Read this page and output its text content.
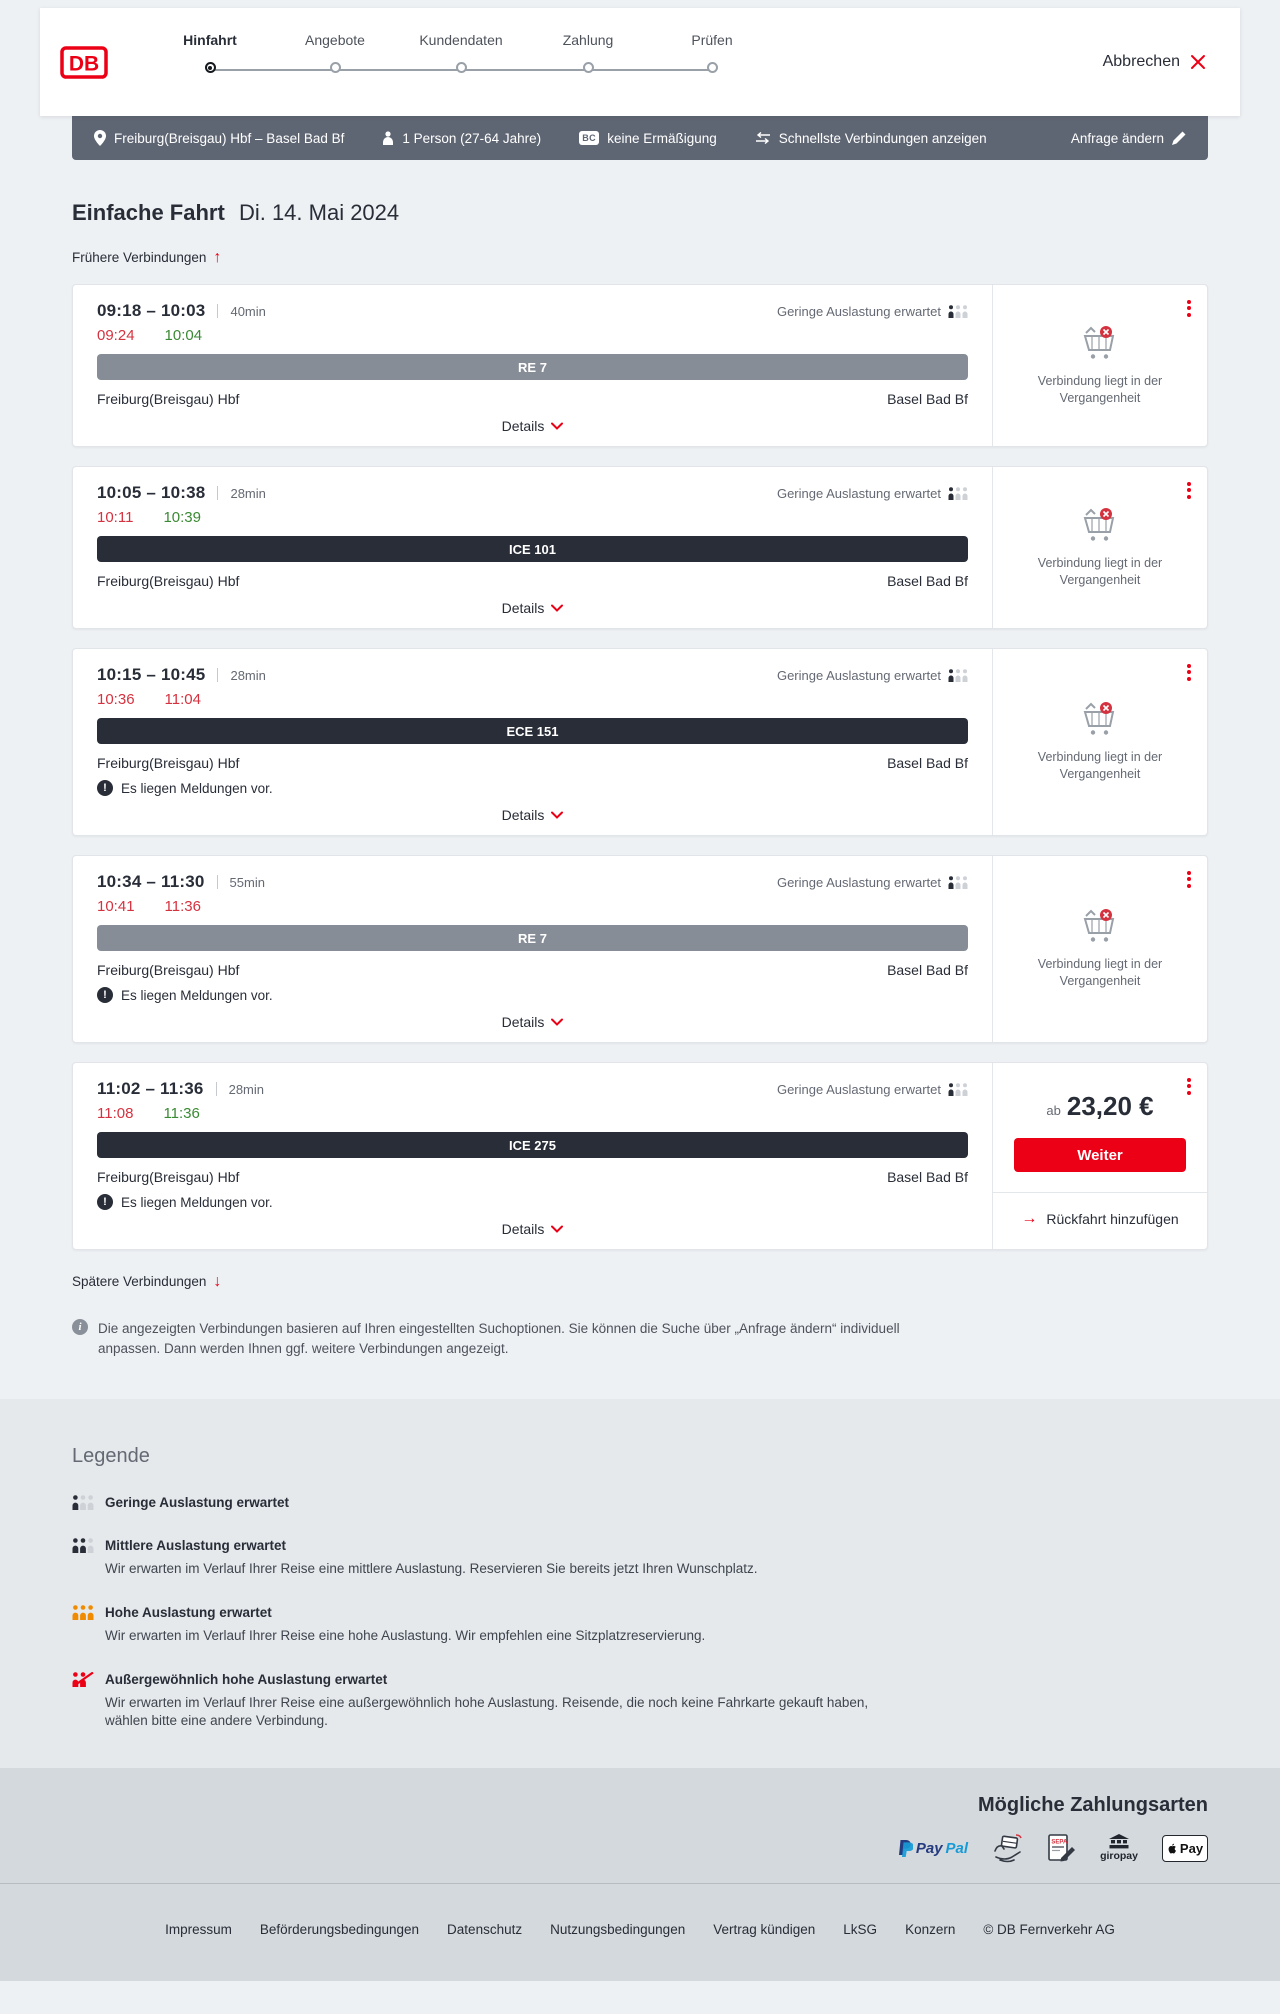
DB
Hinfahrt	Angebote	Kundendaten	Zahlung	Prüfen
Abbrechen
Freiburg(Breisgau) Hbf – Basel Bad Bf	1 Person (27-64 Jahre)	BC keine Ermäßigung	Schnellste Verbindungen anzeigen	Anfrage ändern
Einfache Fahrt Di. 14. Mai 2024
Frühere Verbindungen ↑
09:18 – 10:03 40min	Geringe Auslastung erwartet
09:24 10:04
RE 7
Freiburg(Breisgau) Hbf	Basel Bad Bf
Details
Verbindung liegt in der Vergangenheit
10:05 – 10:38 28min	Geringe Auslastung erwartet
10:11 10:39
ICE 101
Freiburg(Breisgau) Hbf	Basel Bad Bf
Details
Verbindung liegt in der Vergangenheit
10:15 – 10:45 28min	Geringe Auslastung erwartet
10:36 11:04
ECE 151
Freiburg(Breisgau) Hbf	Basel Bad Bf
!	Es liegen Meldungen vor.
Details
Verbindung liegt in der Vergangenheit
10:34 – 11:30 55min	Geringe Auslastung erwartet
10:41 11:36
RE 7
Freiburg(Breisgau) Hbf	Basel Bad Bf
!	Es liegen Meldungen vor.
Details
Verbindung liegt in der Vergangenheit
11:02 – 11:36 28min	Geringe Auslastung erwartet
11:08 11:36
ICE 275
Freiburg(Breisgau) Hbf	Basel Bad Bf
!	Es liegen Meldungen vor.
Details
ab 23,20 €
Weiter
→ Rückfahrt hinzufügen
Spätere Verbindungen ↓
i	Die angezeigten Verbindungen basieren auf Ihren eingestellten Suchoptionen. Sie können die Suche über „Anfrage ändern“ individuell anpassen. Dann werden Ihnen ggf. weitere Verbindungen angezeigt.
Legende
Geringe Auslastung erwartet
Mittlere Auslastung erwartet
Wir erwarten im Verlauf Ihrer Reise eine mittlere Auslastung. Reservieren Sie bereits jetzt Ihren Wunschplatz.
Hohe Auslastung erwartet
Wir erwarten im Verlauf Ihrer Reise eine hohe Auslastung. Wir empfehlen eine Sitzplatzreservierung.
Außergewöhnlich hohe Auslastung erwartet
Wir erwarten im Verlauf Ihrer Reise eine außergewöhnlich hohe Auslastung. Reisende, die noch keine Fahrkarte gekauft haben, wählen bitte eine andere Verbindung.
Mögliche Zahlungsarten
Pay Pal	SEPA
giropay
Pay
Impressum Beförderungsbedingungen Datenschutz Nutzungsbedingungen Vertrag kündigen LkSG Konzern © DB Fernverkehr AG
